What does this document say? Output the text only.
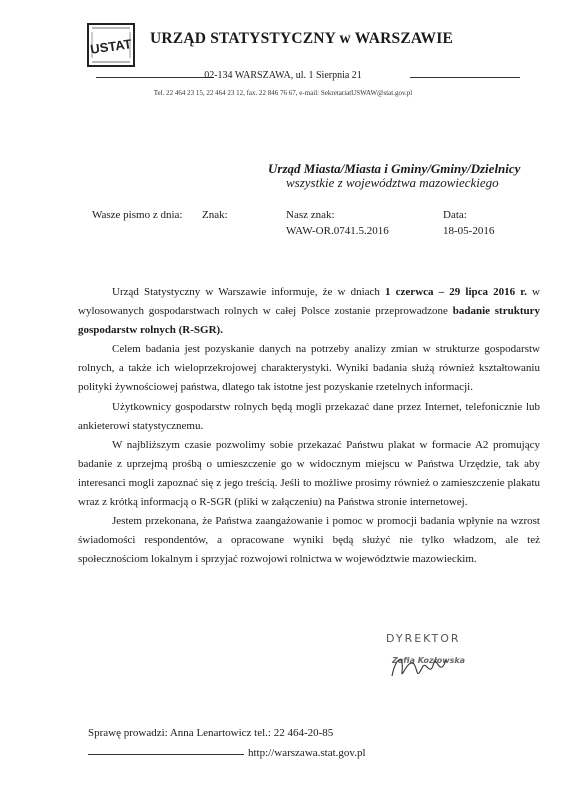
USTAT URZĄD STATYSTYCZNY w WARSZAWIE
02-134 WARSZAWA, ul. 1 Sierpnia 21
Tel. 22 464 23 15, 22 464 23 12, fax. 22 846 76 67, e-mail: SekretariatUSWAW@stat.gov.pl
Urząd Miasta/Miasta i Gminy/Gminy/Dzielnicy
wszystkie z województwa mazowieckiego
Wasze pismo z dnia: Znak:	Nasz znak:
WAW-OR.0741.5.2016
Data:
18-05-2016

Urząd Statystyczny w Warszawie informuje, że w dniach 1 czerwca – 29 lipca 2016 r. w wylosowanych gospodarstwach rolnych w całej Polsce zostanie przeprowadzone badanie struktury gospodarstw rolnych (R-SGR).

Celem badania jest pozyskanie danych na potrzeby analizy zmian w strukturze gospodarstw rolnych, a także ich wieloprzekrojowej charakterystyki. Wyniki badania służą również kształtowaniu polityki żywnościowej państwa, dlatego tak istotne jest pozyskanie rzetelnych informacji.

Użytkownicy gospodarstw rolnych będą mogli przekazać dane przez Internet, telefonicznie lub ankieterowi statystycznemu.

W najbliższym czasie pozwolimy sobie przekazać Państwu plakat w formacie A2 promujący badanie z uprzejmą prośbą o umieszczenie go w widocznym miejscu w Państwa Urzędzie, tak aby interesanci mogli zapoznać się z jego treścią. Jeśli to możliwe prosimy również o zamieszczenie plakatu wraz z krótką informacją o R-SGR (pliki w załączeniu) na Państwa stronie internetowej.

Jestem przekonana, że Państwa zaangażowanie i pomoc w promocji badania wpłynie na wzrost świadomości respondentów, a opracowane wyniki będą służyć nie tylko władzom, ale też społecznościom lokalnym i sprzyjać rozwojowi rolnictwa w województwie mazowieckim.

DYREKTOR
Zofia Kozłowska
Sprawę prowadzi: Anna Lenartowicz tel.: 22 464-20-85
http://warszawa.stat.gov.pl
